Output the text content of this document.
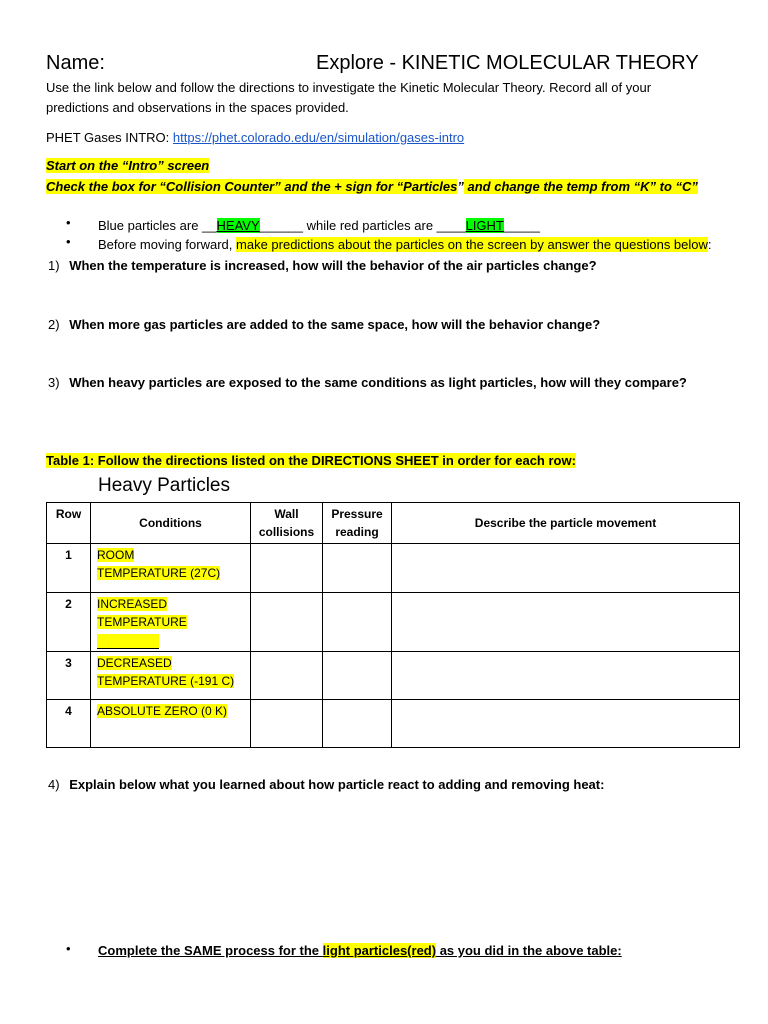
Name:	Explore - KINETIC MOLECULAR THEORY
Use the link below and follow the directions to investigate the Kinetic Molecular Theory. Record all of your
predictions and observations in the spaces provided.
PHET Gases INTRO: https://phet.colorado.edu/en/simulation/gases-intro
Start on the “Intro” screen
Check the box for “Collision Counter” and the + sign for “Particles” and change the temp from “K” to “C”
• Blue particles are __HEAVY______ while red particles are ____LIGHT_____
• Before moving forward, make predictions about the particles on the screen by answer the questions below:
1) When the temperature is increased, how will the behavior of the air particles change?
2) When more gas particles are added to the same space, how will the behavior change?
3) When heavy particles are exposed to the same conditions as light particles, how will they compare?
Table 1: Follow the directions listed on the DIRECTIONS SHEET in order for each row:
Heavy Particles
Row	Conditions	Wall collisions	Pressure reading	Describe the particle movement
1	ROOM
TEMPERATURE (27C)			
2	INCREASED
TEMPERATURE

3	DECREASED
TEMPERATURE (-191 C)			
4	ABSOLUTE ZERO (0 K)			
4) Explain below what you learned about how particle react to adding and removing heat:
• Complete the SAME process for the light particles(red) as you did in the above table:
